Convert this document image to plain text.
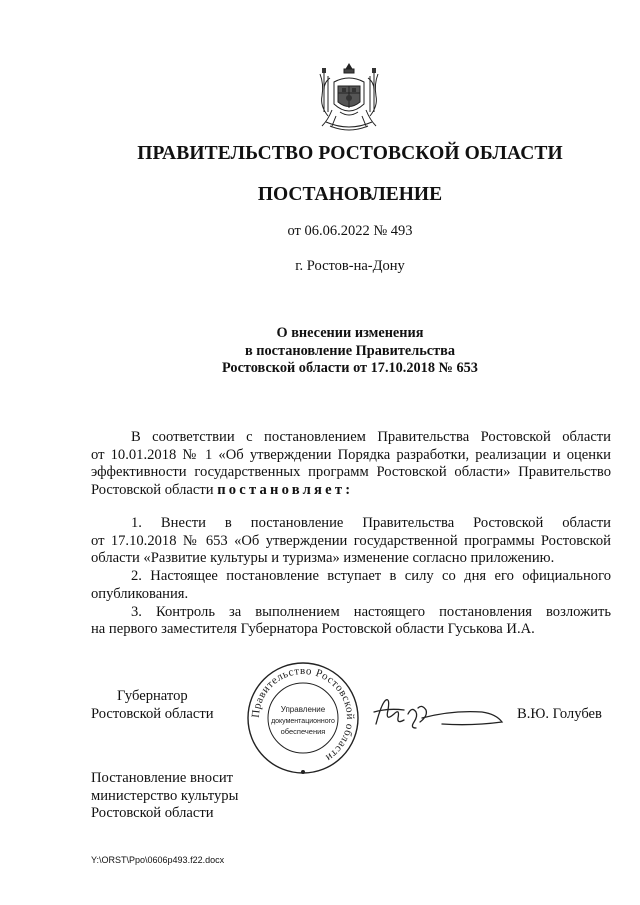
ПРАВИТЕЛЬСТВО РОСТОВСКОЙ ОБЛАСТИ
ПОСТАНОВЛЕНИЕ
от 06.06.2022 № 493
г. Ростов-на-Дону
О внесении изменения
в постановление Правительства
Ростовской области от 17.10.2018 № 653

В соответствии с постановлением Правительства Ростовской области

от 10.01.2018 № 1 «Об утверждении Порядка разработки, реализации и оценки

эффективности государственных программ Ростовской области» Правительство

Ростовской области постановляет:

1. Внести в постановление Правительства Ростовской области

от 17.10.2018 № 653 «Об утверждении государственной программы Ростовской

области «Развитие культуры и туризма» изменение согласно приложению.

2. Настоящее постановление вступает в силу со дня его официального

опубликования.

3. Контроль за выполнением настоящего постановления возложить

на первого заместителя Губернатора Ростовской области Гуськова И.А.

Губернатор
Ростовской области	Правительство Ростовской области
Управление
документационного
обеспечения
В.Ю. Голубев
Постановление вносит
министерство культуры
Ростовской области
Y:\ORST\Ppo\0606p493.f22.docx
